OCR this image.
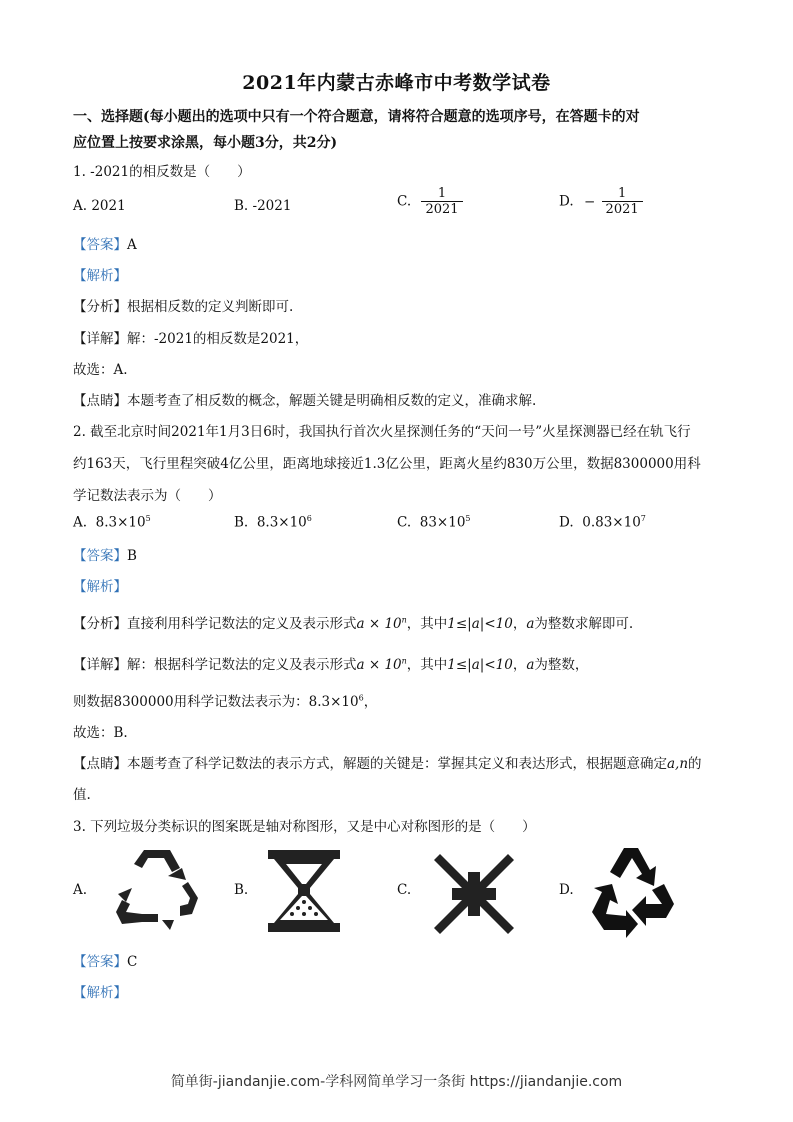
2021年内蒙古赤峰市中考数学试卷
一、选择题(每小题出的选项中只有一个符合题意，请将符合题意的选项序号，在答题卡的对
应位置上按要求涂黑，每小题3分，共2分)
1. -2021的相反数是（　　）
A. 2021	B. -2021	C. $\frac{1}{2021}$	D. − $\frac{1}{2021}$
【答案】A
【解析】
【分析】根据相反数的定义判断即可.
【详解】解：-2021的相反数是2021，
故选：A.
【点睛】本题考查了相反数的概念，解题关键是明确相反数的定义，准确求解.
2. 截至北京时间2021年1月3日6时，我国执行首次火星探测任务的“天问一号”火星探测器已经在轨飞行
约163天，飞行里程突破4亿公里，距离地球接近1.3亿公里，距离火星约830万公里，数据8300000用科
学记数法表示为（　　）
A. $8.3\times 10^5$	B. $8.3\times 10^6$	C. $83\times 10^5$	D. $0.83\times 10^7$
【答案】B
【解析】
【分析】直接利用科学记数法的定义及表示形式$a \times 10^n$，其中1≤|a|<10，a为整数求解即可.
【详解】解：根据科学记数法的定义及表示形式$a \times 10^n$，其中1≤|a|<10，a为整数，
则数据8300000用科学记数法表示为：$8.3\times 10^6$，
故选：B.
【点睛】本题考查了科学记数法的表示方式，解题的关键是：掌握其定义和表达形式，根据题意确定a,n的
值.
3. 下列垃圾分类标识的图案既是轴对称图形，又是中心对称图形的是（　　）
A.	B.	C.	D.
【答案】C
【解析】
简单街-jiandanjie.com-学科网简单学习一条街 https://jiandanjie.com
